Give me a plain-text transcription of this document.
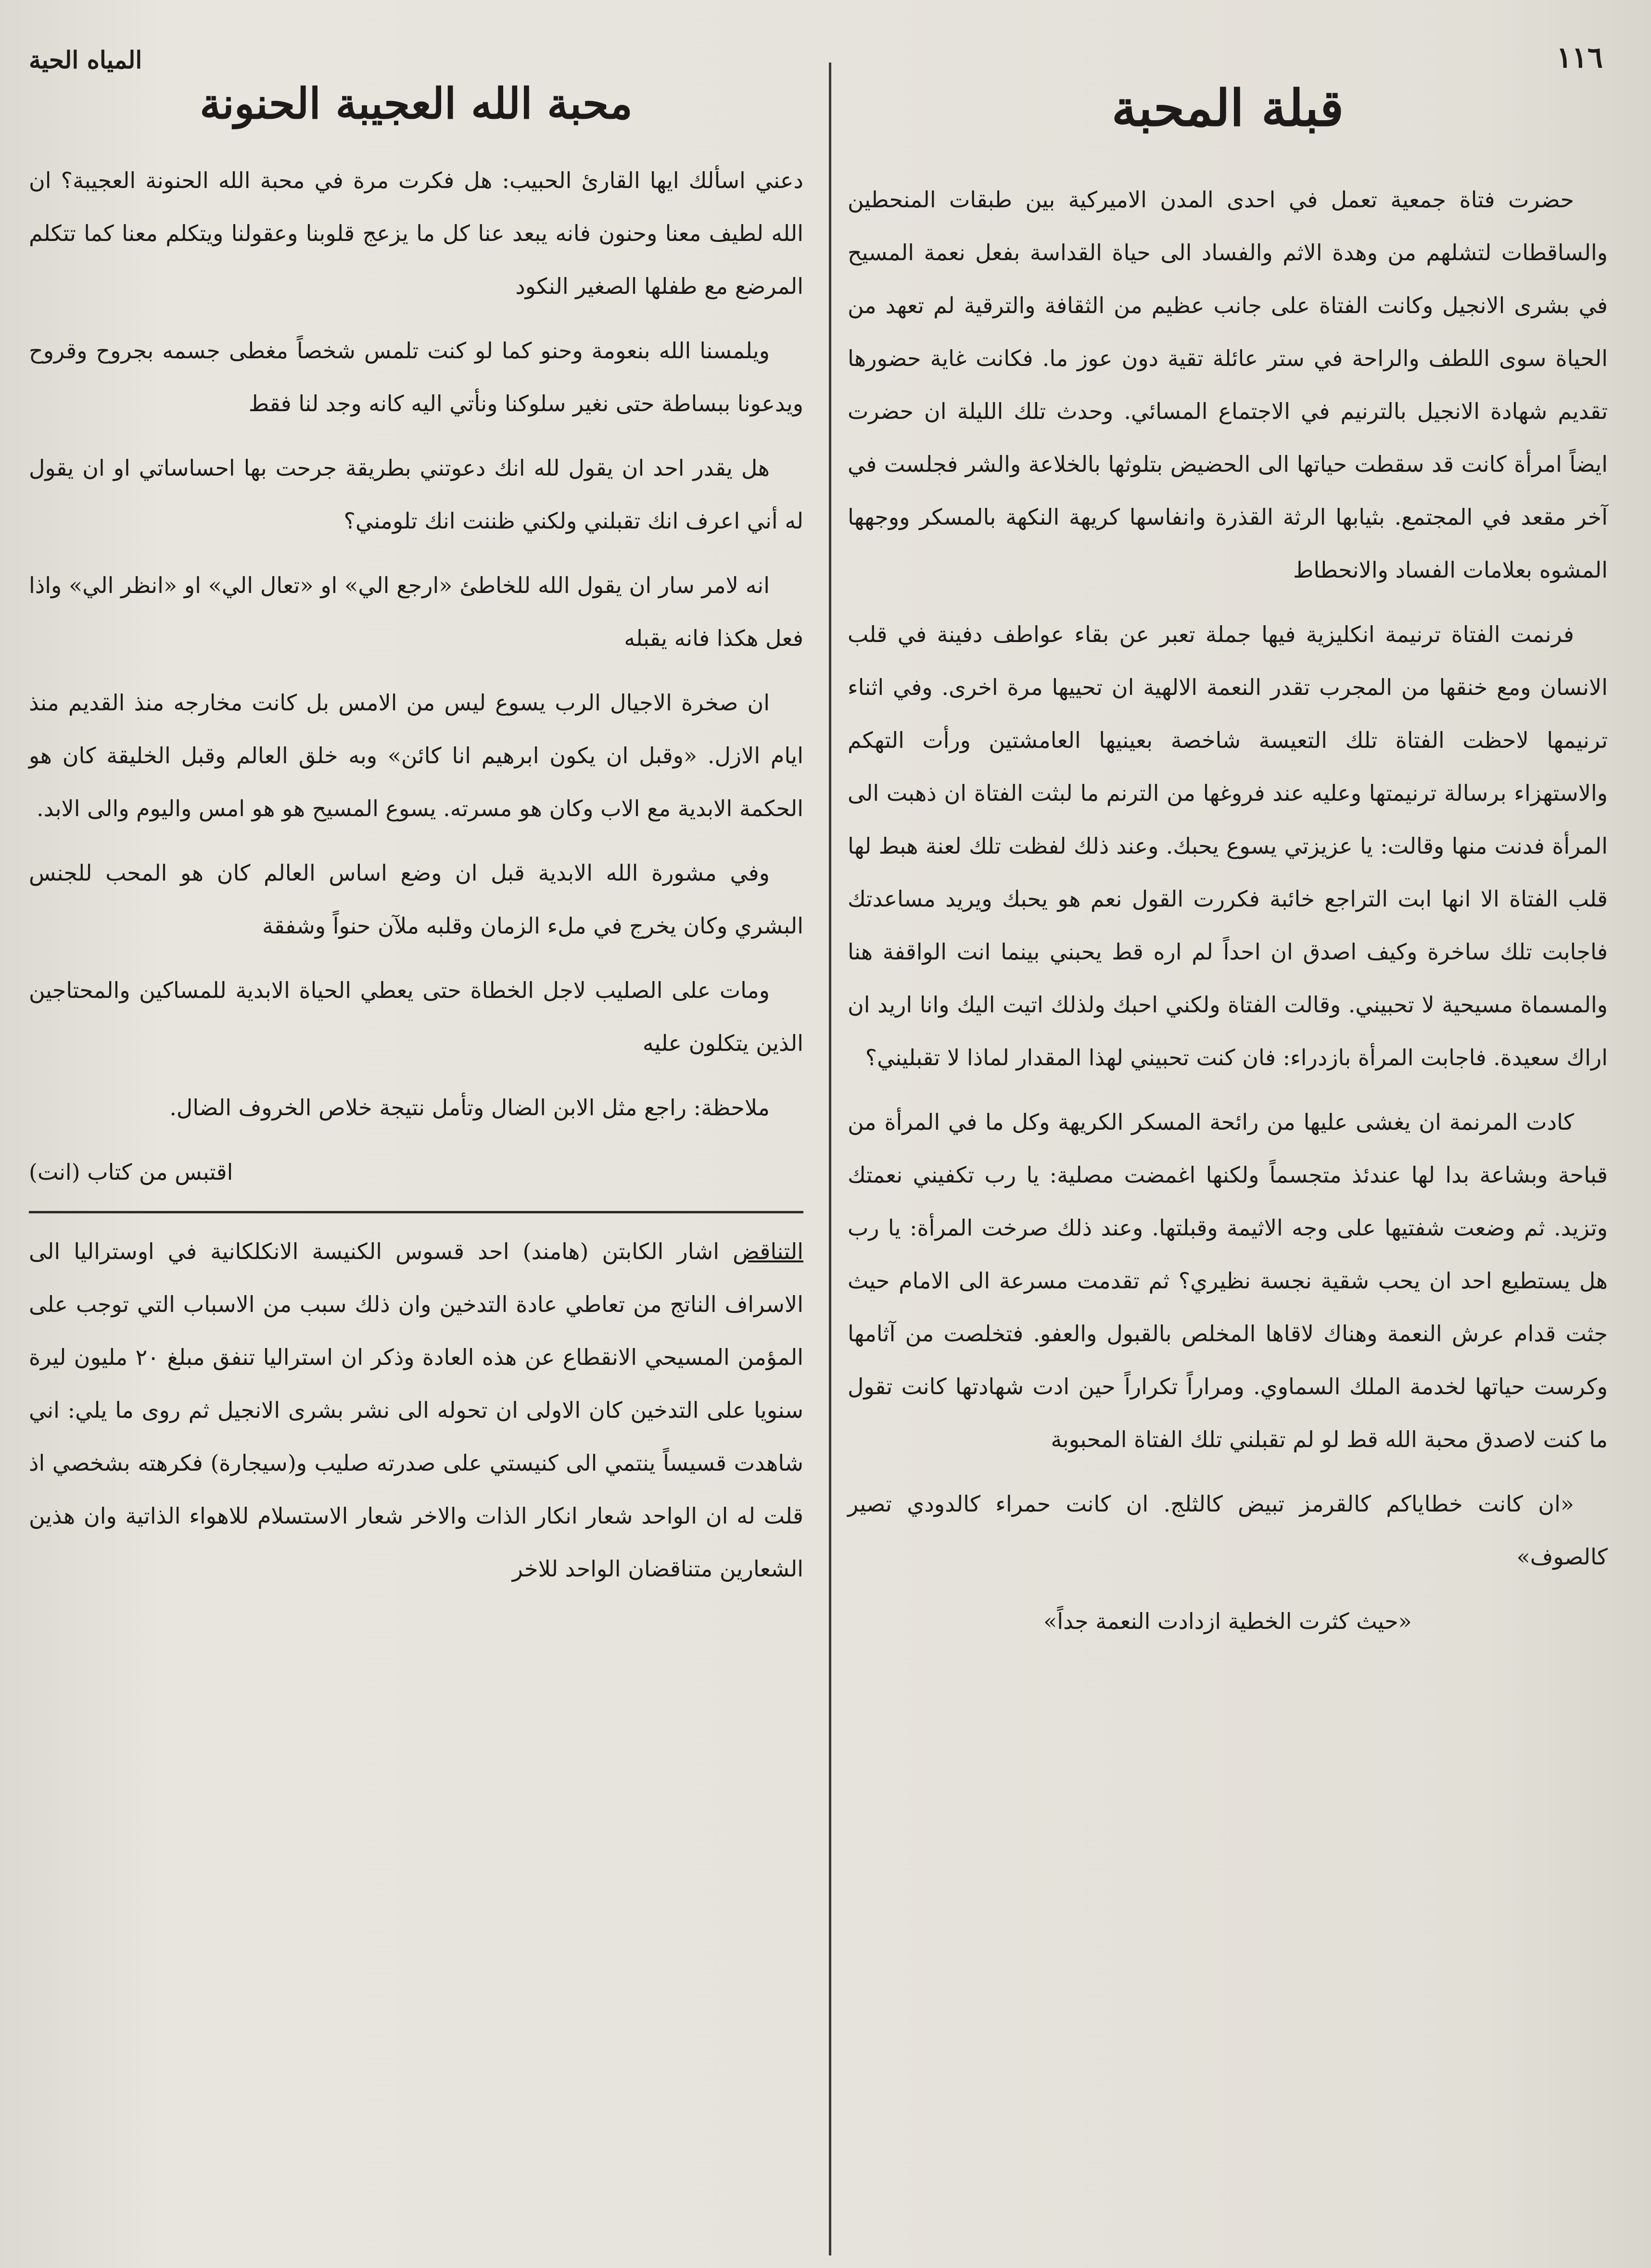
١١٦
المياه الحية
قبلة المحبة

حضرت فتاة جمعية تعمل في احدى المدن الاميركية بين طبقات المنحطين والساقطات لتشلهم من وهدة الاثم والفساد الى حياة القداسة بفعل نعمة المسيح في بشرى الانجيل وكانت الفتاة على جانب عظيم من الثقافة والترقية لم تعهد من الحياة سوى اللطف والراحة في ستر عائلة تقية دون عوز ما. فكانت غاية حضورها تقديم شهادة الانجيل بالترنيم في الاجتماع المسائي. وحدث تلك الليلة ان حضرت ايضاً امرأة كانت قد سقطت حياتها الى الحضيض بتلوثها بالخلاعة والشر فجلست في آخر مقعد في المجتمع. بثيابها الرثة القذرة وانفاسها كريهة النكهة بالمسكر ووجهها المشوه بعلامات الفساد والانحطاط

فرنمت الفتاة ترنيمة انكليزية فيها جملة تعبر عن بقاء عواطف دفينة في قلب الانسان ومع خنقها من المجرب تقدر النعمة الالهية ان تحييها مرة اخرى. وفي اثناء ترنيمها لاحظت الفتاة تلك التعيسة شاخصة بعينيها العامشتين ورأت التهكم والاستهزاء برسالة ترنيمتها وعليه عند فروغها من الترنم ما لبثت الفتاة ان ذهبت الى المرأة فدنت منها وقالت: يا عزيزتي يسوع يحبك. وعند ذلك لفظت تلك لعنة هبط لها قلب الفتاة الا انها ابت التراجع خائبة فكررت القول نعم هو يحبك ويريد مساعدتك فاجابت تلك ساخرة وكيف اصدق ان احداً لم اره قط يحبني بينما انت الواقفة هنا والمسماة مسيحية لا تحبيني. وقالت الفتاة ولكني احبك ولذلك اتيت اليك وانا اريد ان اراك سعيدة. فاجابت المرأة بازدراء: فان كنت تحبيني لهذا المقدار لماذا لا تقبليني؟

كادت المرنمة ان يغشى عليها من رائحة المسكر الكريهة وكل ما في المرأة من قباحة وبشاعة بدا لها عندئذ متجسماً ولكنها اغمضت مصلية: يا رب تكفيني نعمتك وتزيد. ثم وضعت شفتيها على وجه الاثيمة وقبلتها. وعند ذلك صرخت المرأة: يا رب هل يستطيع احد ان يحب شقية نجسة نظيري؟ ثم تقدمت مسرعة الى الامام حيث جثت قدام عرش النعمة وهناك لاقاها المخلص بالقبول والعفو. فتخلصت من آثامها وكرست حياتها لخدمة الملك السماوي. ومراراً تكراراً حين ادت شهادتها كانت تقول ما كنت لاصدق محبة الله قط لو لم تقبلني تلك الفتاة المحبوبة

«ان كانت خطاياكم كالقرمز تبيض كالثلج. ان كانت حمراء كالدودي تصير كالصوف»

«حيث كثرت الخطية ازدادت النعمة جداً»

محبة الله العجيبة الحنونة

دعني اسألك ايها القارئ الحبيب: هل فكرت مرة في محبة الله الحنونة العجيبة؟ ان الله لطيف معنا وحنون فانه يبعد عنا كل ما يزعج قلوبنا وعقولنا ويتكلم معنا كما تتكلم المرضع مع طفلها الصغير النكود

ويلمسنا الله بنعومة وحنو كما لو كنت تلمس شخصاً مغطى جسمه بجروح وقروح ويدعونا ببساطة حتى نغير سلوكنا ونأتي اليه كانه وجد لنا فقط

هل يقدر احد ان يقول لله انك دعوتني بطريقة جرحت بها احساساتي او ان يقول له أني اعرف انك تقبلني ولكني ظننت انك تلومني؟

انه لامر سار ان يقول الله للخاطئ «ارجع الي» او «تعال الي» او «انظر الي» واذا فعل هكذا فانه يقبله

ان صخرة الاجيال الرب يسوع ليس من الامس بل كانت مخارجه منذ القديم منذ ايام الازل. «وقبل ان يكون ابرهيم انا كائن» وبه خلق العالم وقبل الخليقة كان هو الحكمة الابدية مع الاب وكان هو مسرته. يسوع المسيح هو هو امس واليوم والى الابد.

وفي مشورة الله الابدية قبل ان وضع اساس العالم كان هو المحب للجنس البشري وكان يخرج في ملء الزمان وقلبه ملآن حنواً وشفقة

ومات على الصليب لاجل الخطاة حتى يعطي الحياة الابدية للمساكين والمحتاجين الذين يتكلون عليه

ملاحظة: راجع مثل الابن الضال وتأمل نتيجة خلاص الخروف الضال.

اقتبس من كتاب (انت)

التناقض اشار الكابتن (هامند) احد قسوس الكنيسة الانكلكانية في اوستراليا الى الاسراف الناتج من تعاطي عادة التدخين وان ذلك سبب من الاسباب التي توجب على المؤمن المسيحي الانقطاع عن هذه العادة وذكر ان استراليا تنفق مبلغ ٢٠ مليون ليرة سنويا على التدخين كان الاولى ان تحوله الى نشر بشرى الانجيل ثم روى ما يلي: اني شاهدت قسيساً ينتمي الى كنيستي على صدرته صليب و(سيجارة) فكرهته بشخصي اذ قلت له ان الواحد شعار انكار الذات والاخر شعار الاستسلام للاهواء الذاتية وان هذين الشعارين متناقضان الواحد للاخر
